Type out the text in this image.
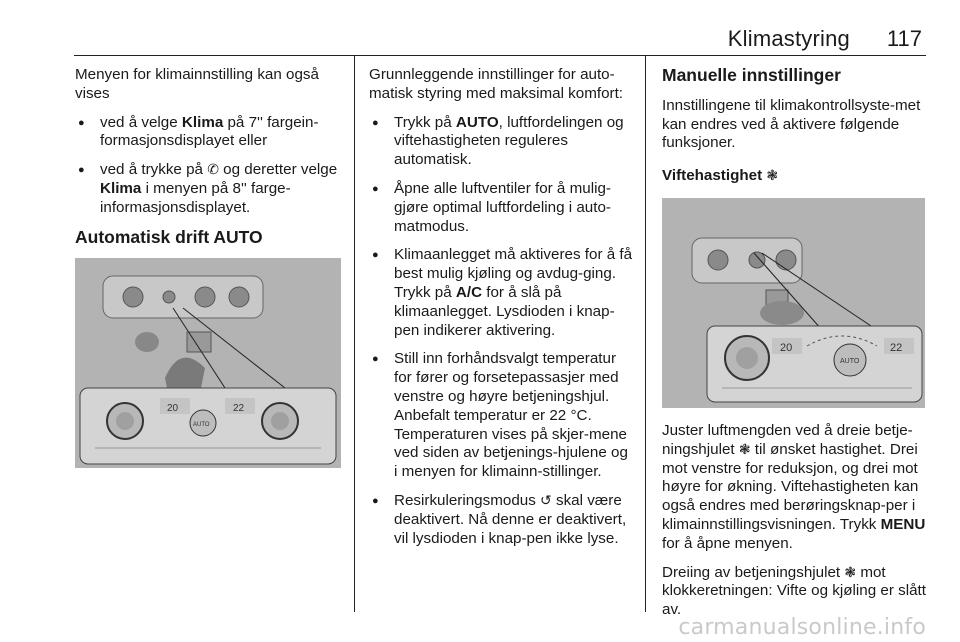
Klimastyring 117

Menyen for klimainnstilling kan også vises

● ved å velge Klima på 7'' fargein-formasjonsdisplayet eller
● ved å trykke på ✆ og deretter velge Klima i menyen på 8'' farge-informasjonsdisplayet.
Automatisk drift AUTO
20
AUTO
22

Grunnleggende innstillinger for auto-matisk styring med maksimal komfort:

● Trykk på AUTO, luftfordelingen og viftehastigheten reguleres automatisk.
● Åpne alle luftventiler for å mulig-gjøre optimal luftfordeling i auto-matmodus.
● Klimaanlegget må aktiveres for å få best mulig kjøling og avdug-ging. Trykk på A/C for å slå på klimaanlegget. Lysdioden i knap-pen indikerer aktivering.
● Still inn forhåndsvalgt temperatur for fører og forsetepassasjer med venstre og høyre betjeningshjul. Anbefalt temperatur er 22 °C. Temperaturen vises på skjer-mene ved siden av betjenings-hjulene og i menyen for klimainn-stillinger.
● Resirkuleringsmodus ↺ skal være deaktivert. Nå denne er deaktivert, vil lysdioden i knap-pen ikke lyse.
Manuelle innstillinger

Innstillingene til klimakontrollsyste-met kan endres ved å aktivere følgende funksjoner.

Viftehastighet ❃
20
AUTO
22

Juster luftmengden ved å dreie betje-ningshjulet ❃ til ønsket hastighet. Drei mot venstre for reduksjon, og drei mot høyre for økning. Viftehastigheten kan også endres med berøringsknap-per i klimainnstillingsvisningen. Trykk MENU for å åpne menyen.

Dreiing av betjeningshjulet ❃ mot klokkeretningen: Vifte og kjøling er slått av.

carmanualsonline.info
